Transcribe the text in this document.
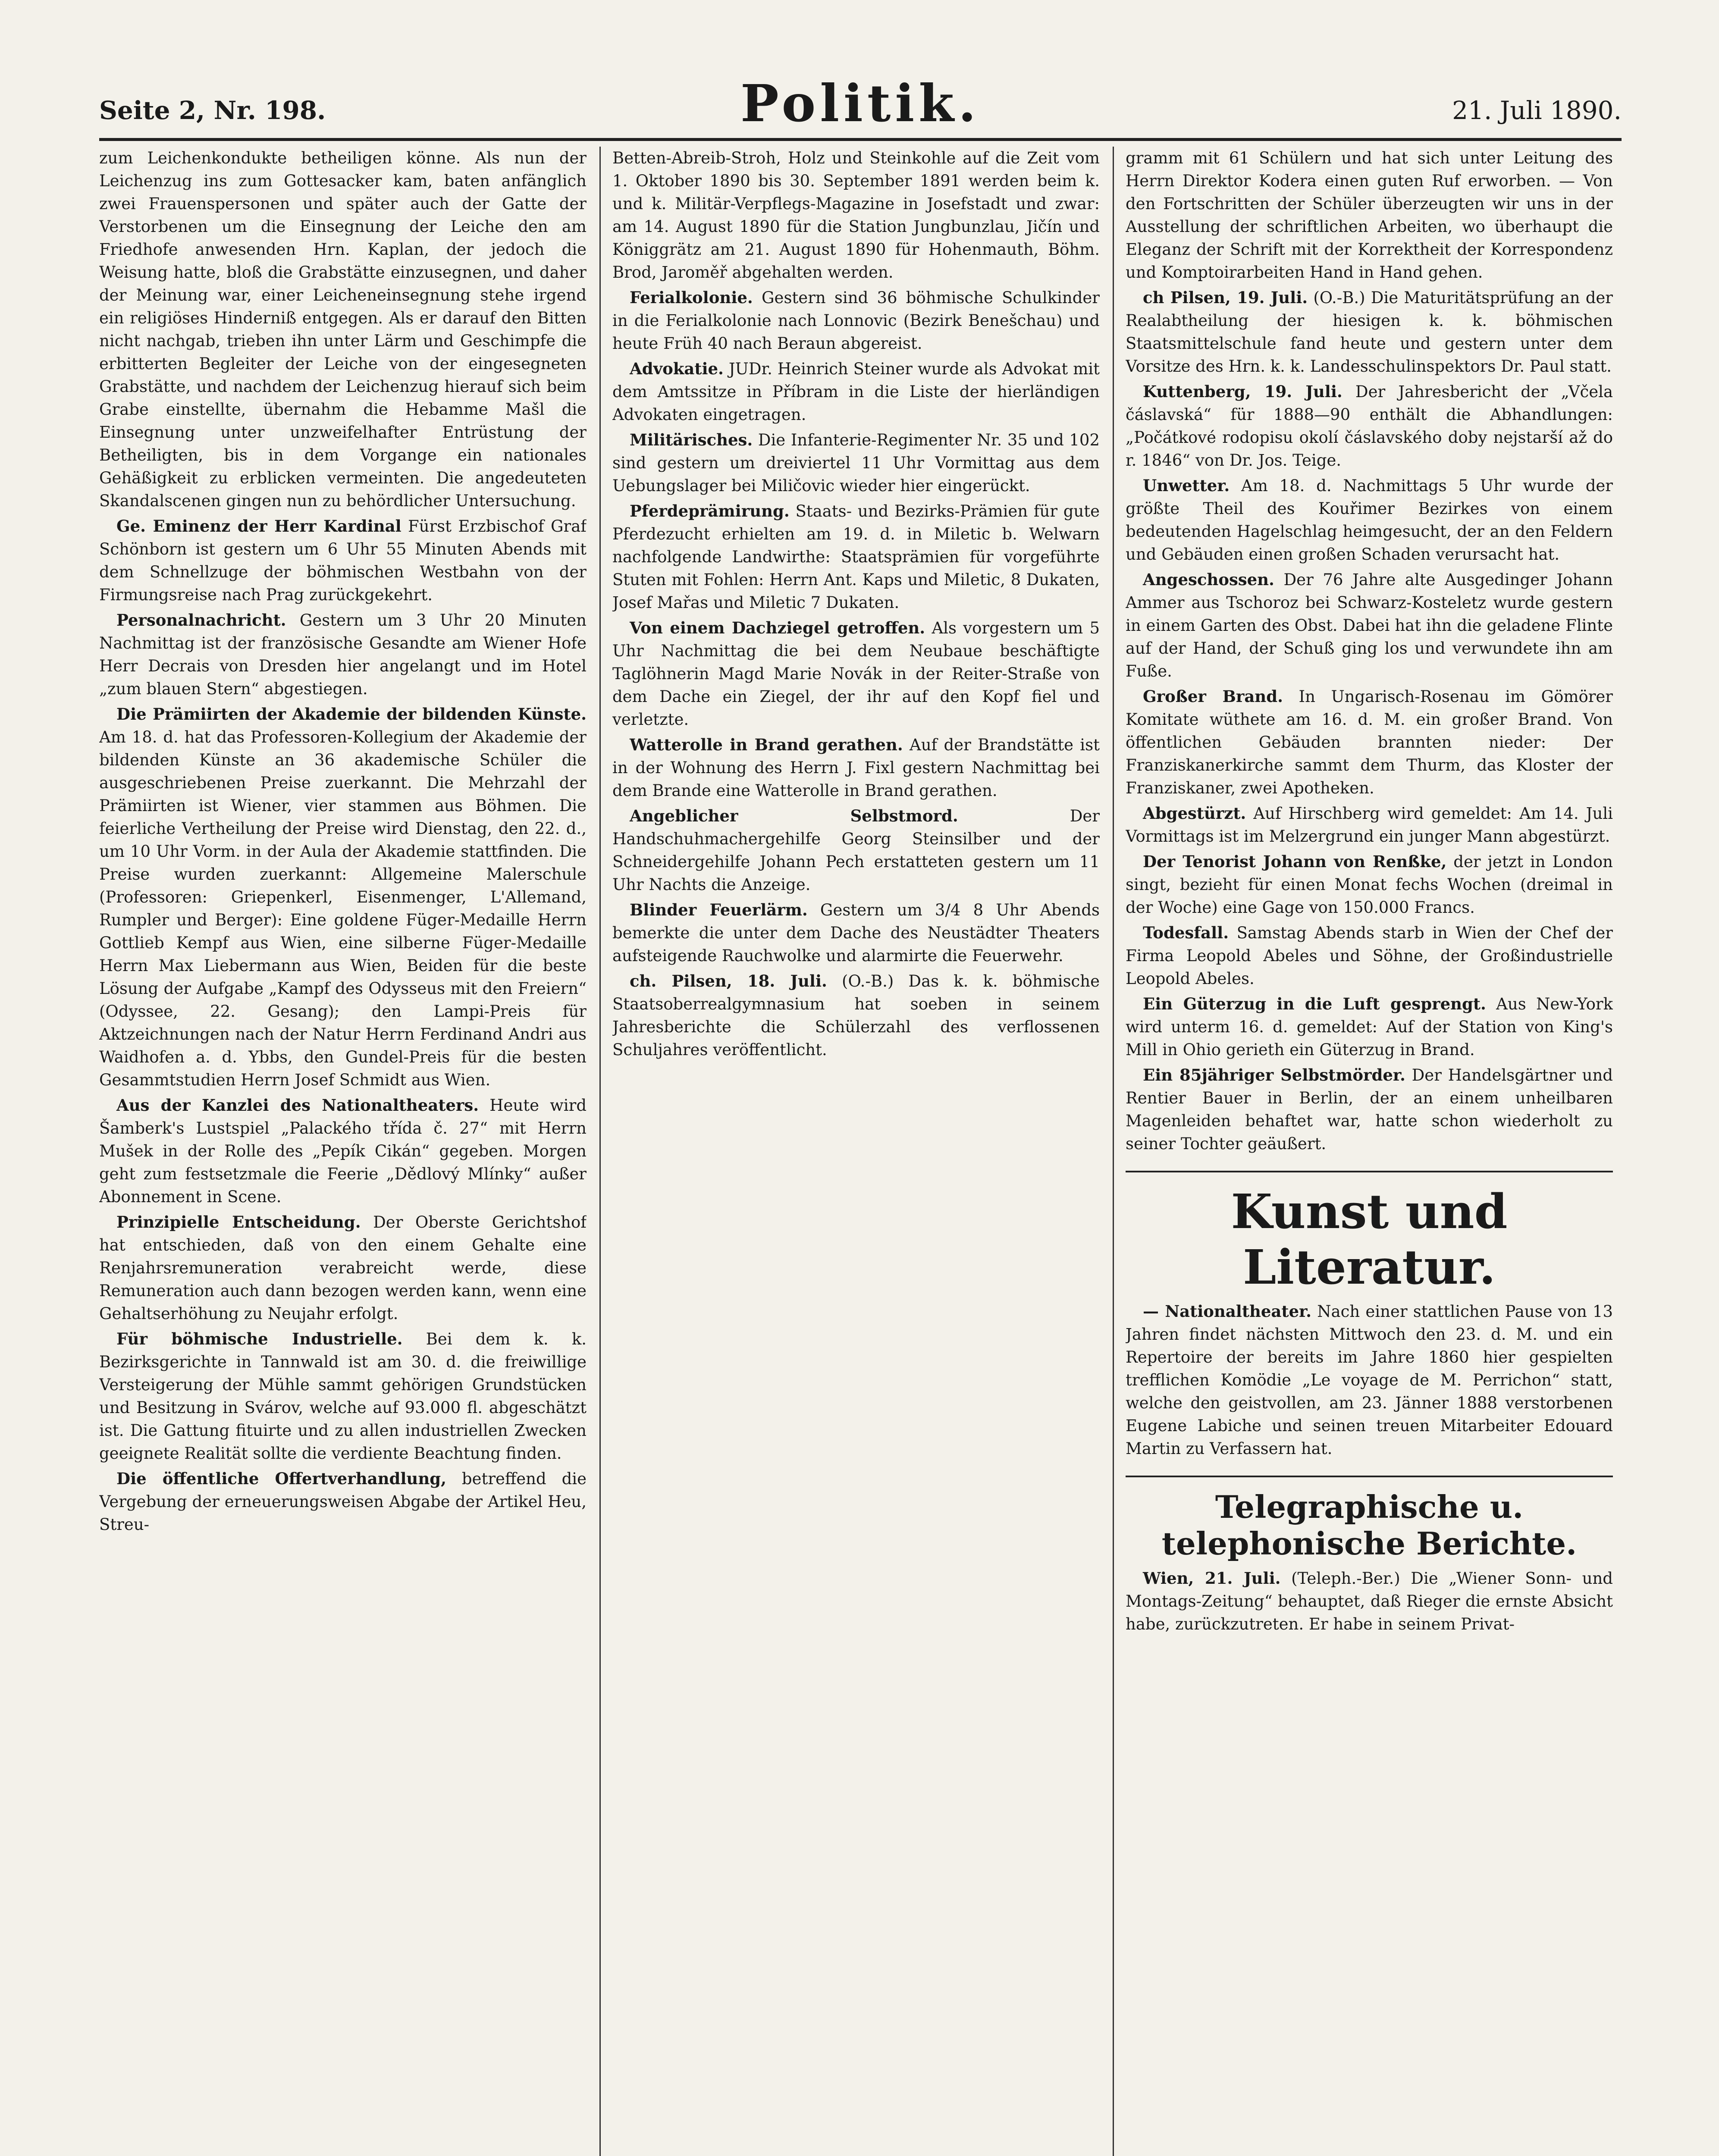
Seite 2, Nr. 198.	Politik.	21. Juli 1890.

zum Leichenkondukte betheiligen könne. Als nun der Leichenzug ins zum Gottesacker kam, baten anfänglich zwei Frauenspersonen und später auch der Gatte der Verstorbenen um die Einsegnung der Leiche den am Friedhofe anwesenden Hrn. Kaplan, der jedoch die Weisung hatte, bloß die Grabstätte einzusegnen, und daher der Meinung war, einer Leicheneinsegnung stehe irgend ein religiöses Hinderniß entgegen. Als er darauf den Bitten nicht nachgab, trieben ihn unter Lärm und Geschimpfe die erbitterten Begleiter der Leiche von der eingesegneten Grabstätte, und nachdem der Leichenzug hierauf sich beim Grabe einstellte, übernahm die Hebamme Mašl die Einsegnung unter unzweifelhafter Entrüstung der Betheiligten, bis in dem Vorgange ein nationales Gehäßigkeit zu erblicken vermeinten. Die angedeuteten Skandalscenen gingen nun zu behördlicher Untersuchung.

Ge. Eminenz der Herr Kardinal Fürst Erzbischof Graf Schönborn ist gestern um 6 Uhr 55 Minuten Abends mit dem Schnellzuge der böhmischen Westbahn von der Firmungsreise nach Prag zurückgekehrt.

Personalnachricht. Gestern um 3 Uhr 20 Minuten Nachmittag ist der französische Gesandte am Wiener Hofe Herr Decrais von Dresden hier angelangt und im Hotel „zum blauen Stern“ abgestiegen.

Die Prämiirten der Akademie der bildenden Künste. Am 18. d. hat das Professoren-Kollegium der Akademie der bildenden Künste an 36 akademische Schüler die ausgeschriebenen Preise zuerkannt. Die Mehrzahl der Prämiirten ist Wiener, vier stammen aus Böhmen. Die feierliche Vertheilung der Preise wird Dienstag, den 22. d., um 10 Uhr Vorm. in der Aula der Akademie stattfinden. Die Preise wurden zuerkannt: Allgemeine Malerschule (Professoren: Griepenkerl, Eisenmenger, L'Allemand, Rumpler und Berger): Eine goldene Füger-Medaille Herrn Gottlieb Kempf aus Wien, eine silberne Füger-Medaille Herrn Max Liebermann aus Wien, Beiden für die beste Lösung der Aufgabe „Kampf des Odysseus mit den Freiern“ (Odyssee, 22. Gesang); den Lampi-Preis für Aktzeichnungen nach der Natur Herrn Ferdinand Andri aus Waidhofen a. d. Ybbs, den Gundel-Preis für die besten Gesammtstudien Herrn Josef Schmidt aus Wien.

Aus der Kanzlei des Nationaltheaters. Heute wird Šamberk's Lustspiel „Palackého třída č. 27“ mit Herrn Mušek in der Rolle des „Pepík Cikán“ gegeben. Morgen geht zum festsetzmale die Feerie „Dědlový Mlínky“ außer Abonnement in Scene.

Prinzipielle Entscheidung. Der Oberste Gerichtshof hat entschieden, daß von den einem Gehalte eine Renjahrsremuneration verabreicht werde, diese Remuneration auch dann bezogen werden kann, wenn eine Gehaltserhöhung zu Neujahr erfolgt.

Für böhmische Industrielle. Bei dem k. k. Bezirksgerichte in Tannwald ist am 30. d. die freiwillige Versteigerung der Mühle sammt gehörigen Grundstücken und Besitzung in Svárov, welche auf 93.000 fl. abgeschätzt ist. Die Gattung fituirte und zu allen industriellen Zwecken geeignete Realität sollte die verdiente Beachtung finden.

Die öffentliche Offertverhandlung, betreffend die Vergebung der erneuerungsweisen Abgabe der Artikel Heu, Streu-

Betten-Abreib-Stroh, Holz und Steinkohle auf die Zeit vom 1. Oktober 1890 bis 30. September 1891 werden beim k. und k. Militär-Verpflegs-Magazine in Josefstadt und zwar: am 14. August 1890 für die Station Jungbunzlau, Jičín und Königgrätz am 21. August 1890 für Hohenmauth, Böhm. Brod, Jaroměř abgehalten werden.

Ferialkolonie. Gestern sind 36 böhmische Schulkinder in die Ferialkolonie nach Lonnovic (Bezirk Benešchau) und heute Früh 40 nach Beraun abgereist.

Advokatie. JUDr. Heinrich Steiner wurde als Advokat mit dem Amtssitze in Příbram in die Liste der hierländigen Advokaten eingetragen.

Militärisches. Die Infanterie-Regimenter Nr. 35 und 102 sind gestern um dreiviertel 11 Uhr Vormittag aus dem Uebungslager bei Miličovic wieder hier eingerückt.

Pferdeprämirung. Staats- und Bezirks-Prämien für gute Pferdezucht erhielten am 19. d. in Miletic b. Welwarn nachfolgende Landwirthe: Staatsprämien für vorgeführte Stuten mit Fohlen: Herrn Ant. Kaps und Miletic, 8 Dukaten, Josef Mařas und Miletic 7 Dukaten.

Von einem Dachziegel getroffen. Als vorgestern um 5 Uhr Nachmittag die bei dem Neubaue beschäftigte Taglöhnerin Magd Marie Novák in der Reiter-Straße von dem Dache ein Ziegel, der ihr auf den Kopf fiel und verletzte.

Watterolle in Brand gerathen. Auf der Brandstätte ist in der Wohnung des Herrn J. Fixl gestern Nachmittag bei dem Brande eine Watterolle in Brand gerathen.

Angeblicher Selbstmord. Der Handschuhmachergehilfe Georg Steinsilber und der Schneidergehilfe Johann Pech erstatteten gestern um 11 Uhr Nachts die Anzeige.

Blinder Feuerlärm. Gestern um 3/4 8 Uhr Abends bemerkte die unter dem Dache des Neustädter Theaters aufsteigende Rauchwolke und alarmirte die Feuerwehr.

ch. Pilsen, 18. Juli. (O.-B.) Das k. k. böhmische Staatsoberrealgymnasium hat soeben in seinem Jahresberichte die Schülerzahl des verflossenen Schuljahres veröffentlicht.

gramm mit 61 Schülern und hat sich unter Leitung des Herrn Direktor Kodera einen guten Ruf erworben. — Von den Fortschritten der Schüler überzeugten wir uns in der Ausstellung der schriftlichen Arbeiten, wo überhaupt die Eleganz der Schrift mit der Korrektheit der Korrespondenz und Komptoirarbeiten Hand in Hand gehen.

ch Pilsen, 19. Juli. (O.-B.) Die Maturitätsprüfung an der Realabtheilung der hiesigen k. k. böhmischen Staatsmittelschule fand heute und gestern unter dem Vorsitze des Hrn. k. k. Landesschulinspektors Dr. Paul statt.

Kuttenberg, 19. Juli. Der Jahresbericht der „Včela čáslavská“ für 1888—90 enthält die Abhandlungen: „Počátkové rodopisu okolí čáslavského doby nejstarší až do r. 1846“ von Dr. Jos. Teige.

Unwetter. Am 18. d. Nachmittags 5 Uhr wurde der größte Theil des Kouřimer Bezirkes von einem bedeutenden Hagelschlag heimgesucht, der an den Feldern und Gebäuden einen großen Schaden verursacht hat.

Angeschossen. Der 76 Jahre alte Ausgedinger Johann Ammer aus Tschoroz bei Schwarz-Kosteletz wurde gestern in einem Garten des Obst. Dabei hat ihn die geladene Flinte auf der Hand, der Schuß ging los und verwundete ihn am Fuße.

Großer Brand. In Ungarisch-Rosenau im Gömörer Komitate wüthete am 16. d. M. ein großer Brand. Von öffentlichen Gebäuden brannten nieder: Der Franziskanerkirche sammt dem Thurm, das Kloster der Franziskaner, zwei Apotheken.

Abgestürzt. Auf Hirschberg wird gemeldet: Am 14. Juli Vormittags ist im Melzergrund ein junger Mann abgestürzt.

Der Tenorist Johann von Renßke, der jetzt in London singt, bezieht für einen Monat fechs Wochen (dreimal in der Woche) eine Gage von 150.000 Francs.

Todesfall. Samstag Abends starb in Wien der Chef der Firma Leopold Abeles und Söhne, der Großindustrielle Leopold Abeles.

Ein Güterzug in die Luft gesprengt. Aus New-York wird unterm 16. d. gemeldet: Auf der Station von King's Mill in Ohio gerieth ein Güterzug in Brand.

Ein 85jähriger Selbstmörder. Der Handelsgärtner und Rentier Bauer in Berlin, der an einem unheilbaren Magenleiden behaftet war, hatte schon wiederholt zu seiner Tochter geäußert.

Kunst und Literatur.

— Nationaltheater. Nach einer stattlichen Pause von 13 Jahren findet nächsten Mittwoch den 23. d. M. und ein Repertoire der bereits im Jahre 1860 hier gespielten trefflichen Komödie „Le voyage de M. Perrichon“ statt, welche den geistvollen, am 23. Jänner 1888 verstorbenen Eugene Labiche und seinen treuen Mitarbeiter Edouard Martin zu Verfassern hat.

Telegraphische u. telephonische Berichte.

Wien, 21. Juli. (Teleph.-Ber.) Die „Wiener Sonn- und Montags-Zeitung“ behauptet, daß Rieger die ernste Absicht habe, zurückzutreten. Er habe in seinem Privat-
